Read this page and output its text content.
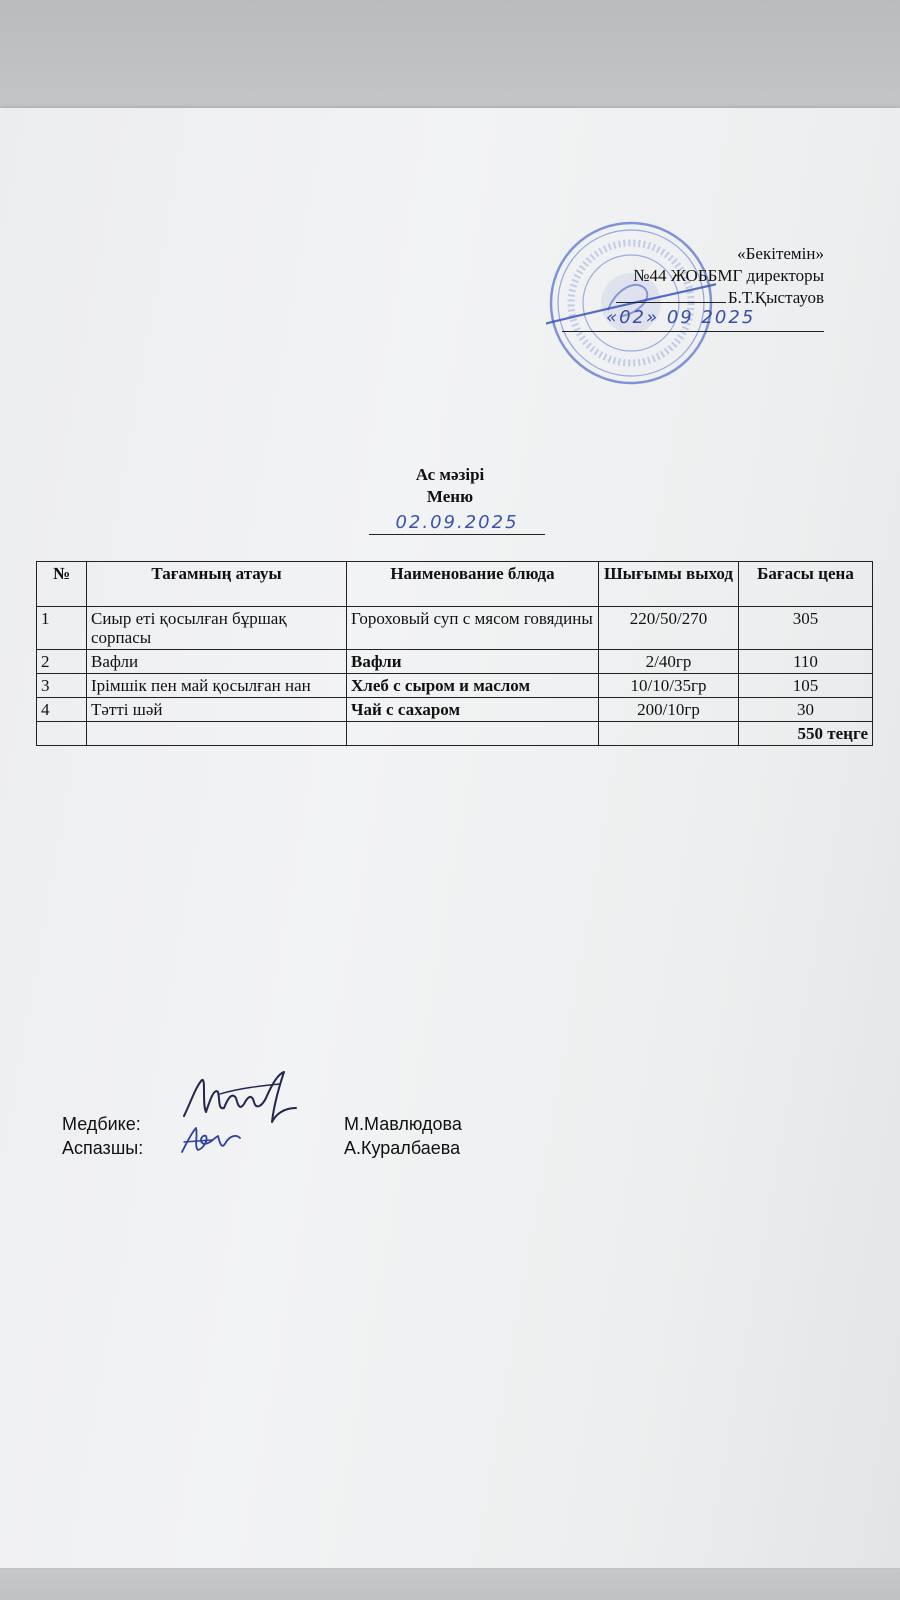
«Бекітемін»
№44 ЖОББМГ директоры
Б.Т.Қыстауов
«02» 09 2025
Ас мәзірі
Меню
02.09.2025
№	Тағамның атауы	Наименование блюда	Шығымы выход	Бағасы цена
1	Сиыр еті қосылған бұршақ сорпасы	Гороховый суп с мясом говядины	220/50/270	305
2	Вафли	Вафли	2/40гр	110
3	Ірімшік пен май қосылған нан	Хлеб с сыром и маслом	10/10/35гр	105
4	Тәтті шәй	Чай с сахаром	200/10гр	30
				550 теңге
Медбике:	М.Мавлюдова
Аспазшы:	А.Куралбаева
